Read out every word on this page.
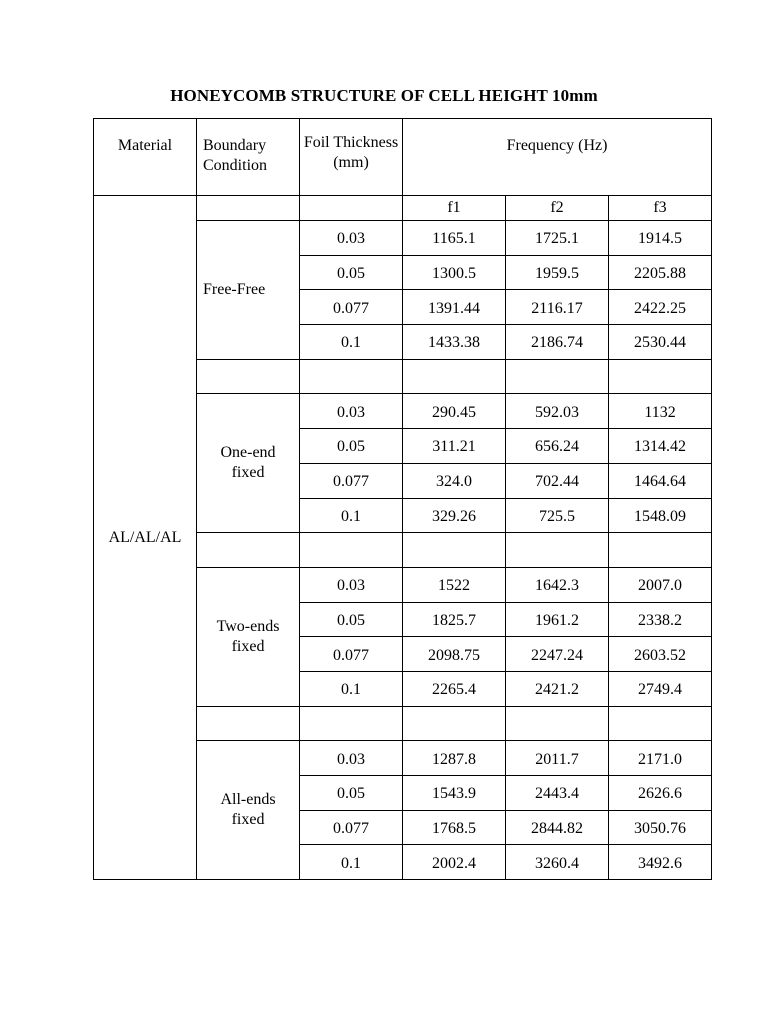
HONEYCOMB STRUCTURE OF CELL HEIGHT 10mm
Material	Boundary Condition	Foil Thickness (mm)	Frequency (Hz)		
AL/AL/AL			f1	f2	f3
	Free-Free	0.03	1165.1	1725.1	1914.5
		0.05	1300.5	1959.5	2205.88
		0.077	1391.44	2116.17	2422.25
		0.1	1433.38	2186.74	2530.44

	One-end fixed	0.03	290.45	592.03	1132
		0.05	311.21	656.24	1314.42
		0.077	324.0	702.44	1464.64
		0.1	329.26	725.5	1548.09

	Two-ends fixed	0.03	1522	1642.3	2007.0
		0.05	1825.7	1961.2	2338.2
		0.077	2098.75	2247.24	2603.52
		0.1	2265.4	2421.2	2749.4

	All-ends fixed	0.03	1287.8	2011.7	2171.0
		0.05	1543.9	2443.4	2626.6
		0.077	1768.5	2844.82	3050.76
		0.1	2002.4	3260.4	3492.6
